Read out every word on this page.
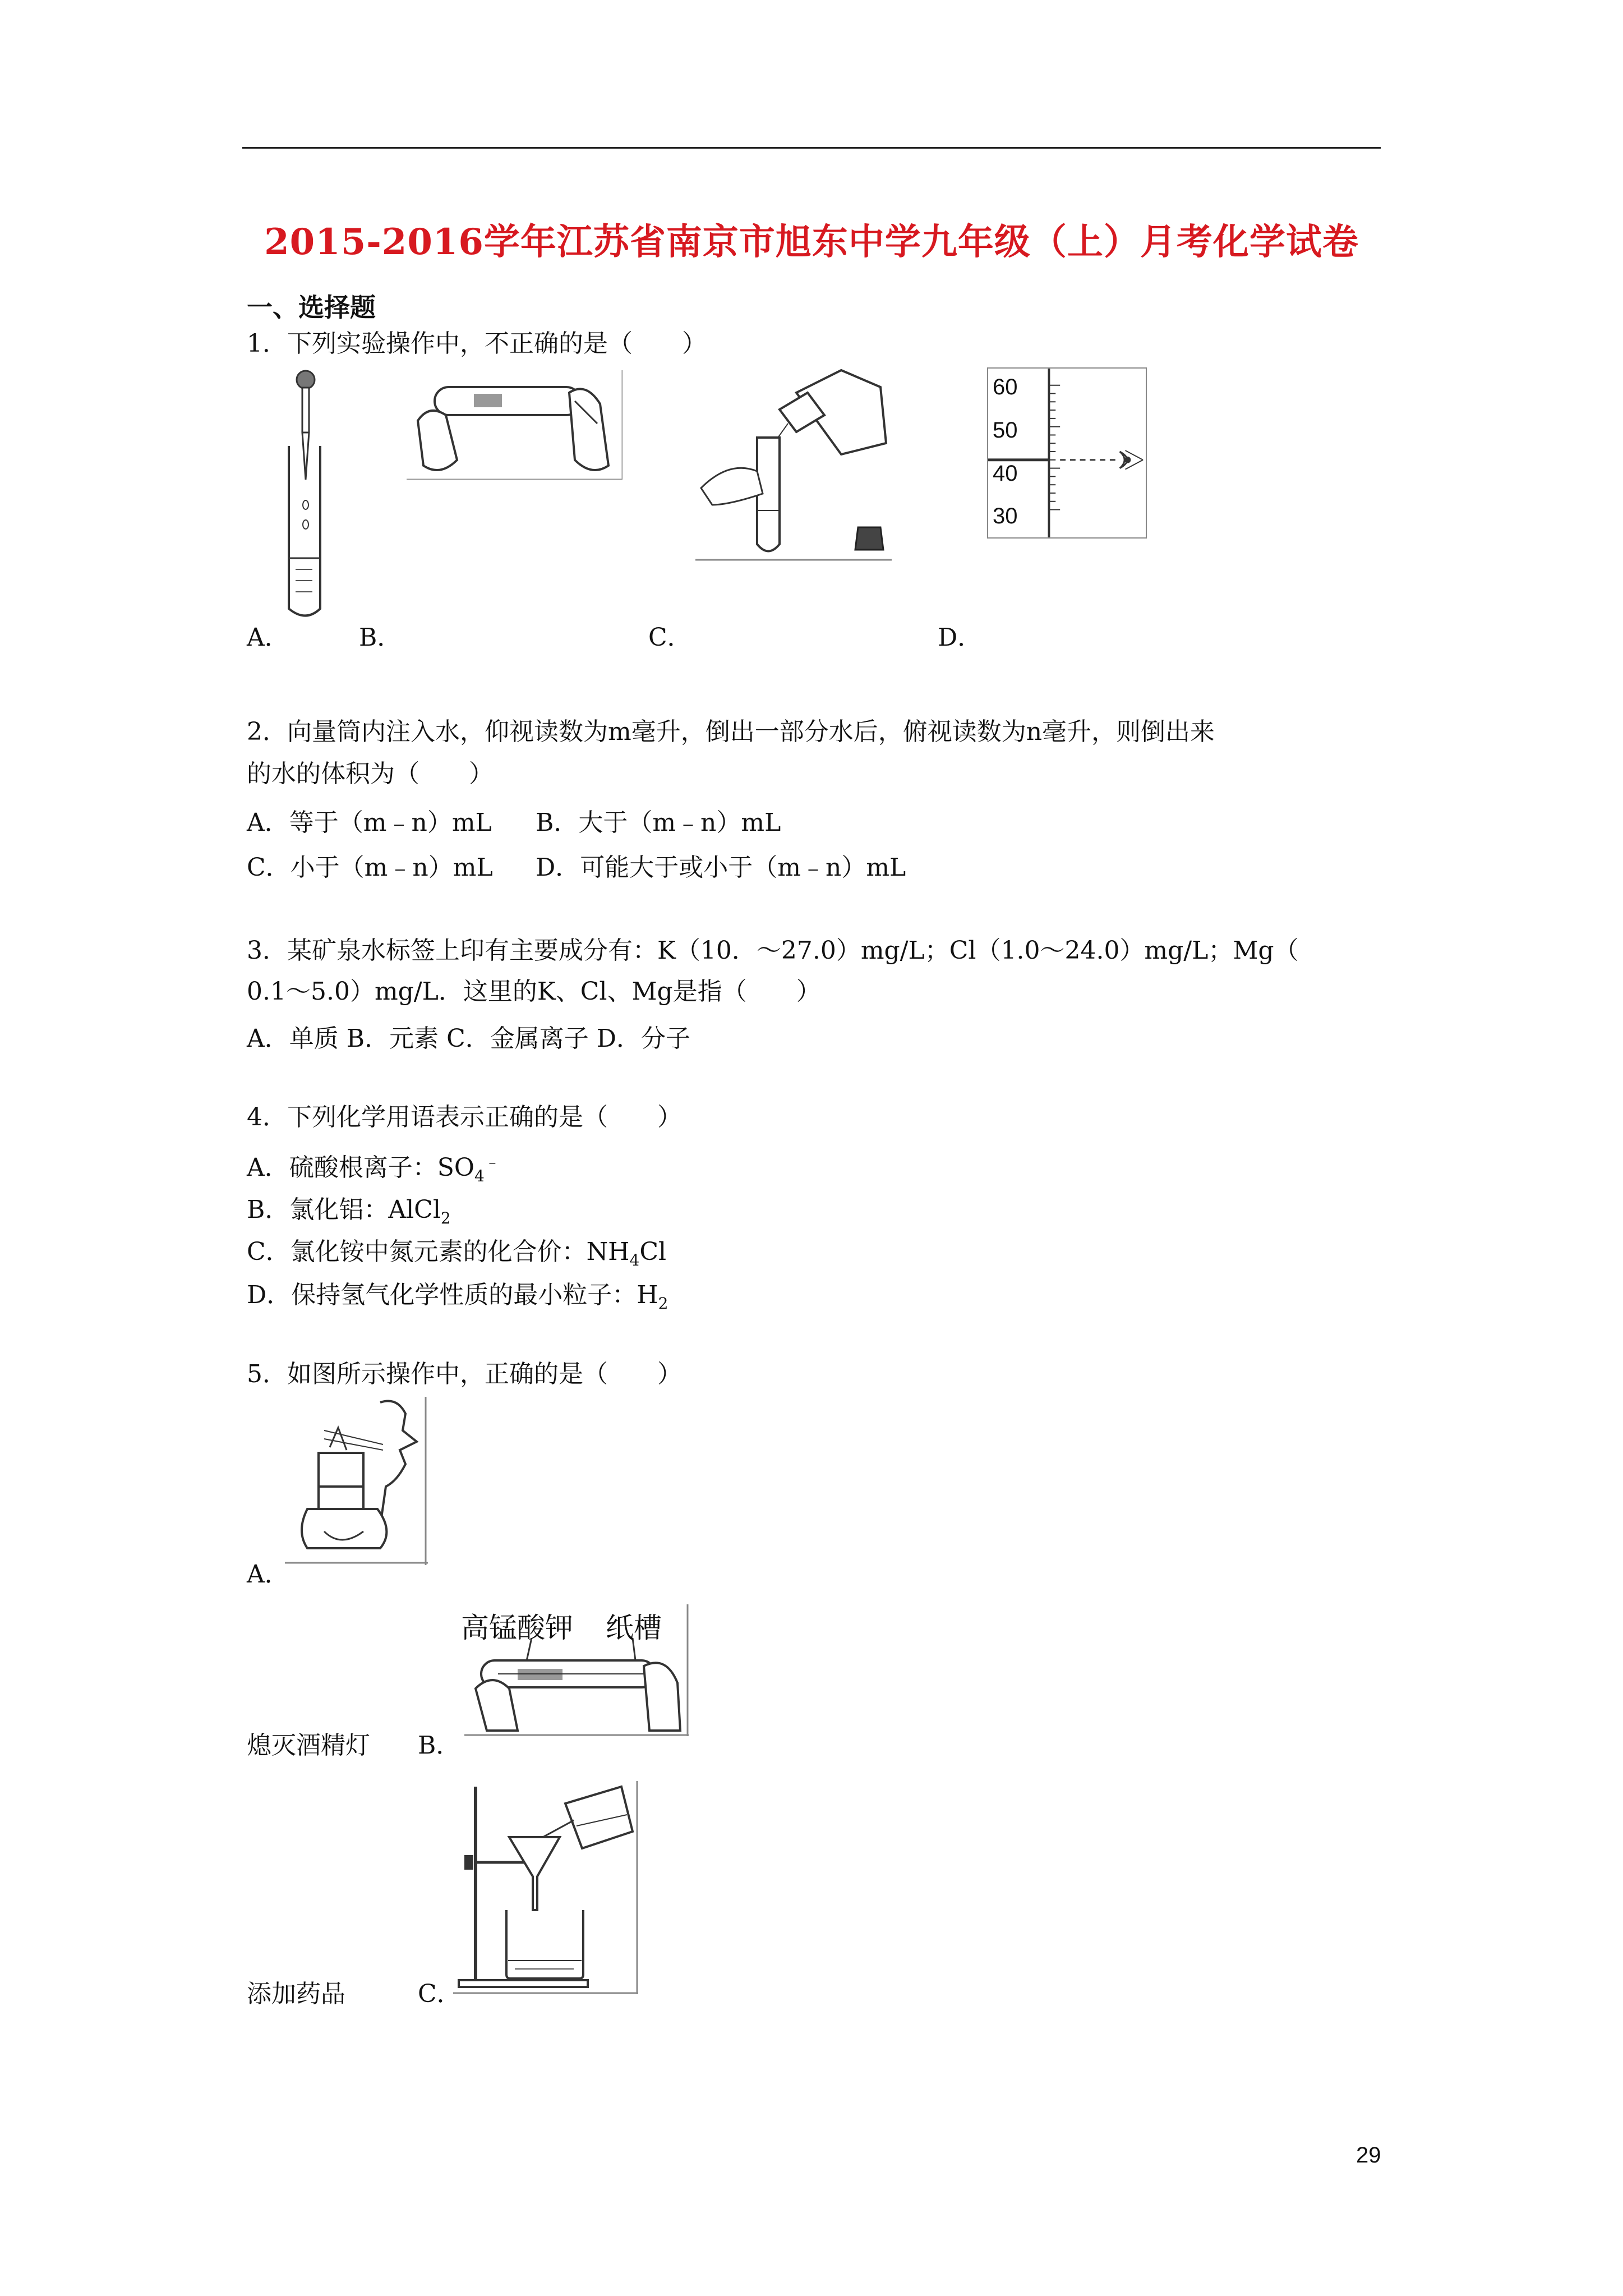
2015-2016学年江苏省南京市旭东中学九年级（上）月考化学试卷
一、选择题
1．下列实验操作中，不正确的是（　　）
60
50
40
30
A．	B．	C．	D．
2．向量筒内注入水，仰视读数为m毫升，倒出一部分水后，俯视读数为n毫升，则倒出来
的水的体积为（　　）
A．等于（m﹣n）mL B．大于（m﹣n）mL
C．小于（m﹣n）mL D．可能大于或小于（m﹣n）mL
3．某矿泉水标签上印有主要成分有：K（10．～27.0）mg/L；Cl（1.0～24.0）mg/L；Mg（
0.1～5.0）mg/L．这里的K、Cl、Mg是指（　　）
A．单质 B．元素 C．金属离子 D．分子
4．下列化学用语表示正确的是（　　）
A．硫酸根离子：$SO_4^﹣$
B．氯化铝：AlCl$_2$
C．氯化铵中氮元素的化合价：$NH_4Cl$
D．保持氢气化学性质的最小粒子：$H_2$
5．如图所示操作中，正确的是（　　）
A．
高锰酸钾 纸槽
熄灭酒精灯 B．
添加药品	C．
29
